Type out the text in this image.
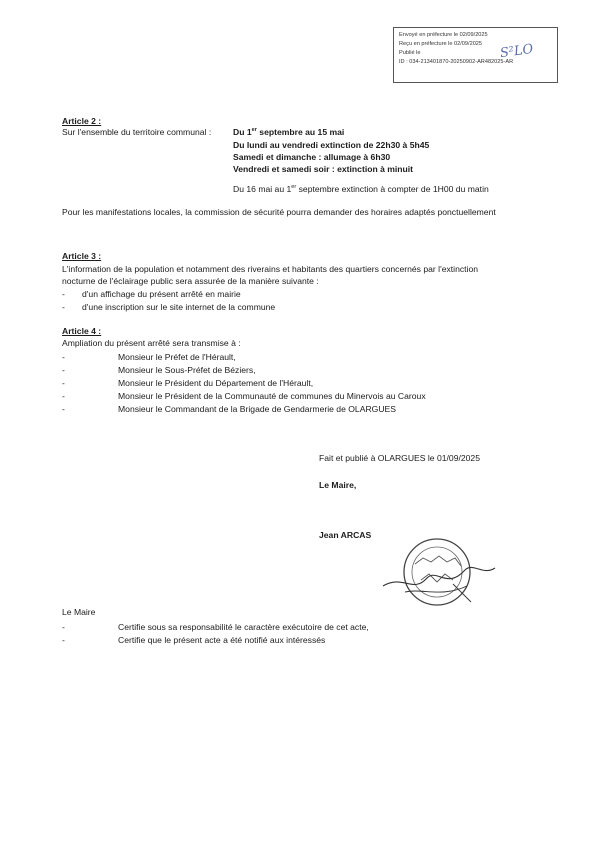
Envoyé en préfecture le 02/09/2025
Reçu en préfecture le 02/09/2025
Publié le
ID : 034-213401870-20250902-AR482025-AR
S²LO
Article 2 :
Sur l'ensemble du territoire communal :	Du 1er septembre au 15 mai
Du lundi au vendredi extinction de 22h30 à 5h45
Samedi et dimanche : allumage à 6h30
Vendredi et samedi soir : extinction à minuit
Du 16 mai au 1er septembre extinction à compter de 1H00 du matin
Pour les manifestations locales, la commission de sécurité pourra demander des horaires adaptés ponctuellement
Article 3 :
L'information de la population et notamment des riverains et habitants des quartiers concernés par l'extinction
nocturne de l'éclairage public sera assurée de la manière suivante :
- d'un affichage du présent arrêté en mairie
- d'une inscription sur le site internet de la commune
Article 4 :
Ampliation du présent arrêté sera transmise à :
-	Monsieur le Préfet de l'Hérault,
-	Monsieur le Sous-Préfet de Béziers,
-	Monsieur le Président du Département de l'Hérault,
-	Monsieur le Président de la Communauté de communes du Minervois au Caroux
-	Monsieur le Commandant de la Brigade de Gendarmerie de OLARGUES
Fait et publié à OLARGUES le 01/09/2025
Le Maire,
Jean ARCAS
Le Maire
-	Certifie sous sa responsabilité le caractère exécutoire de cet acte,
-	Certifie que le présent acte a été notifié aux intéressés
